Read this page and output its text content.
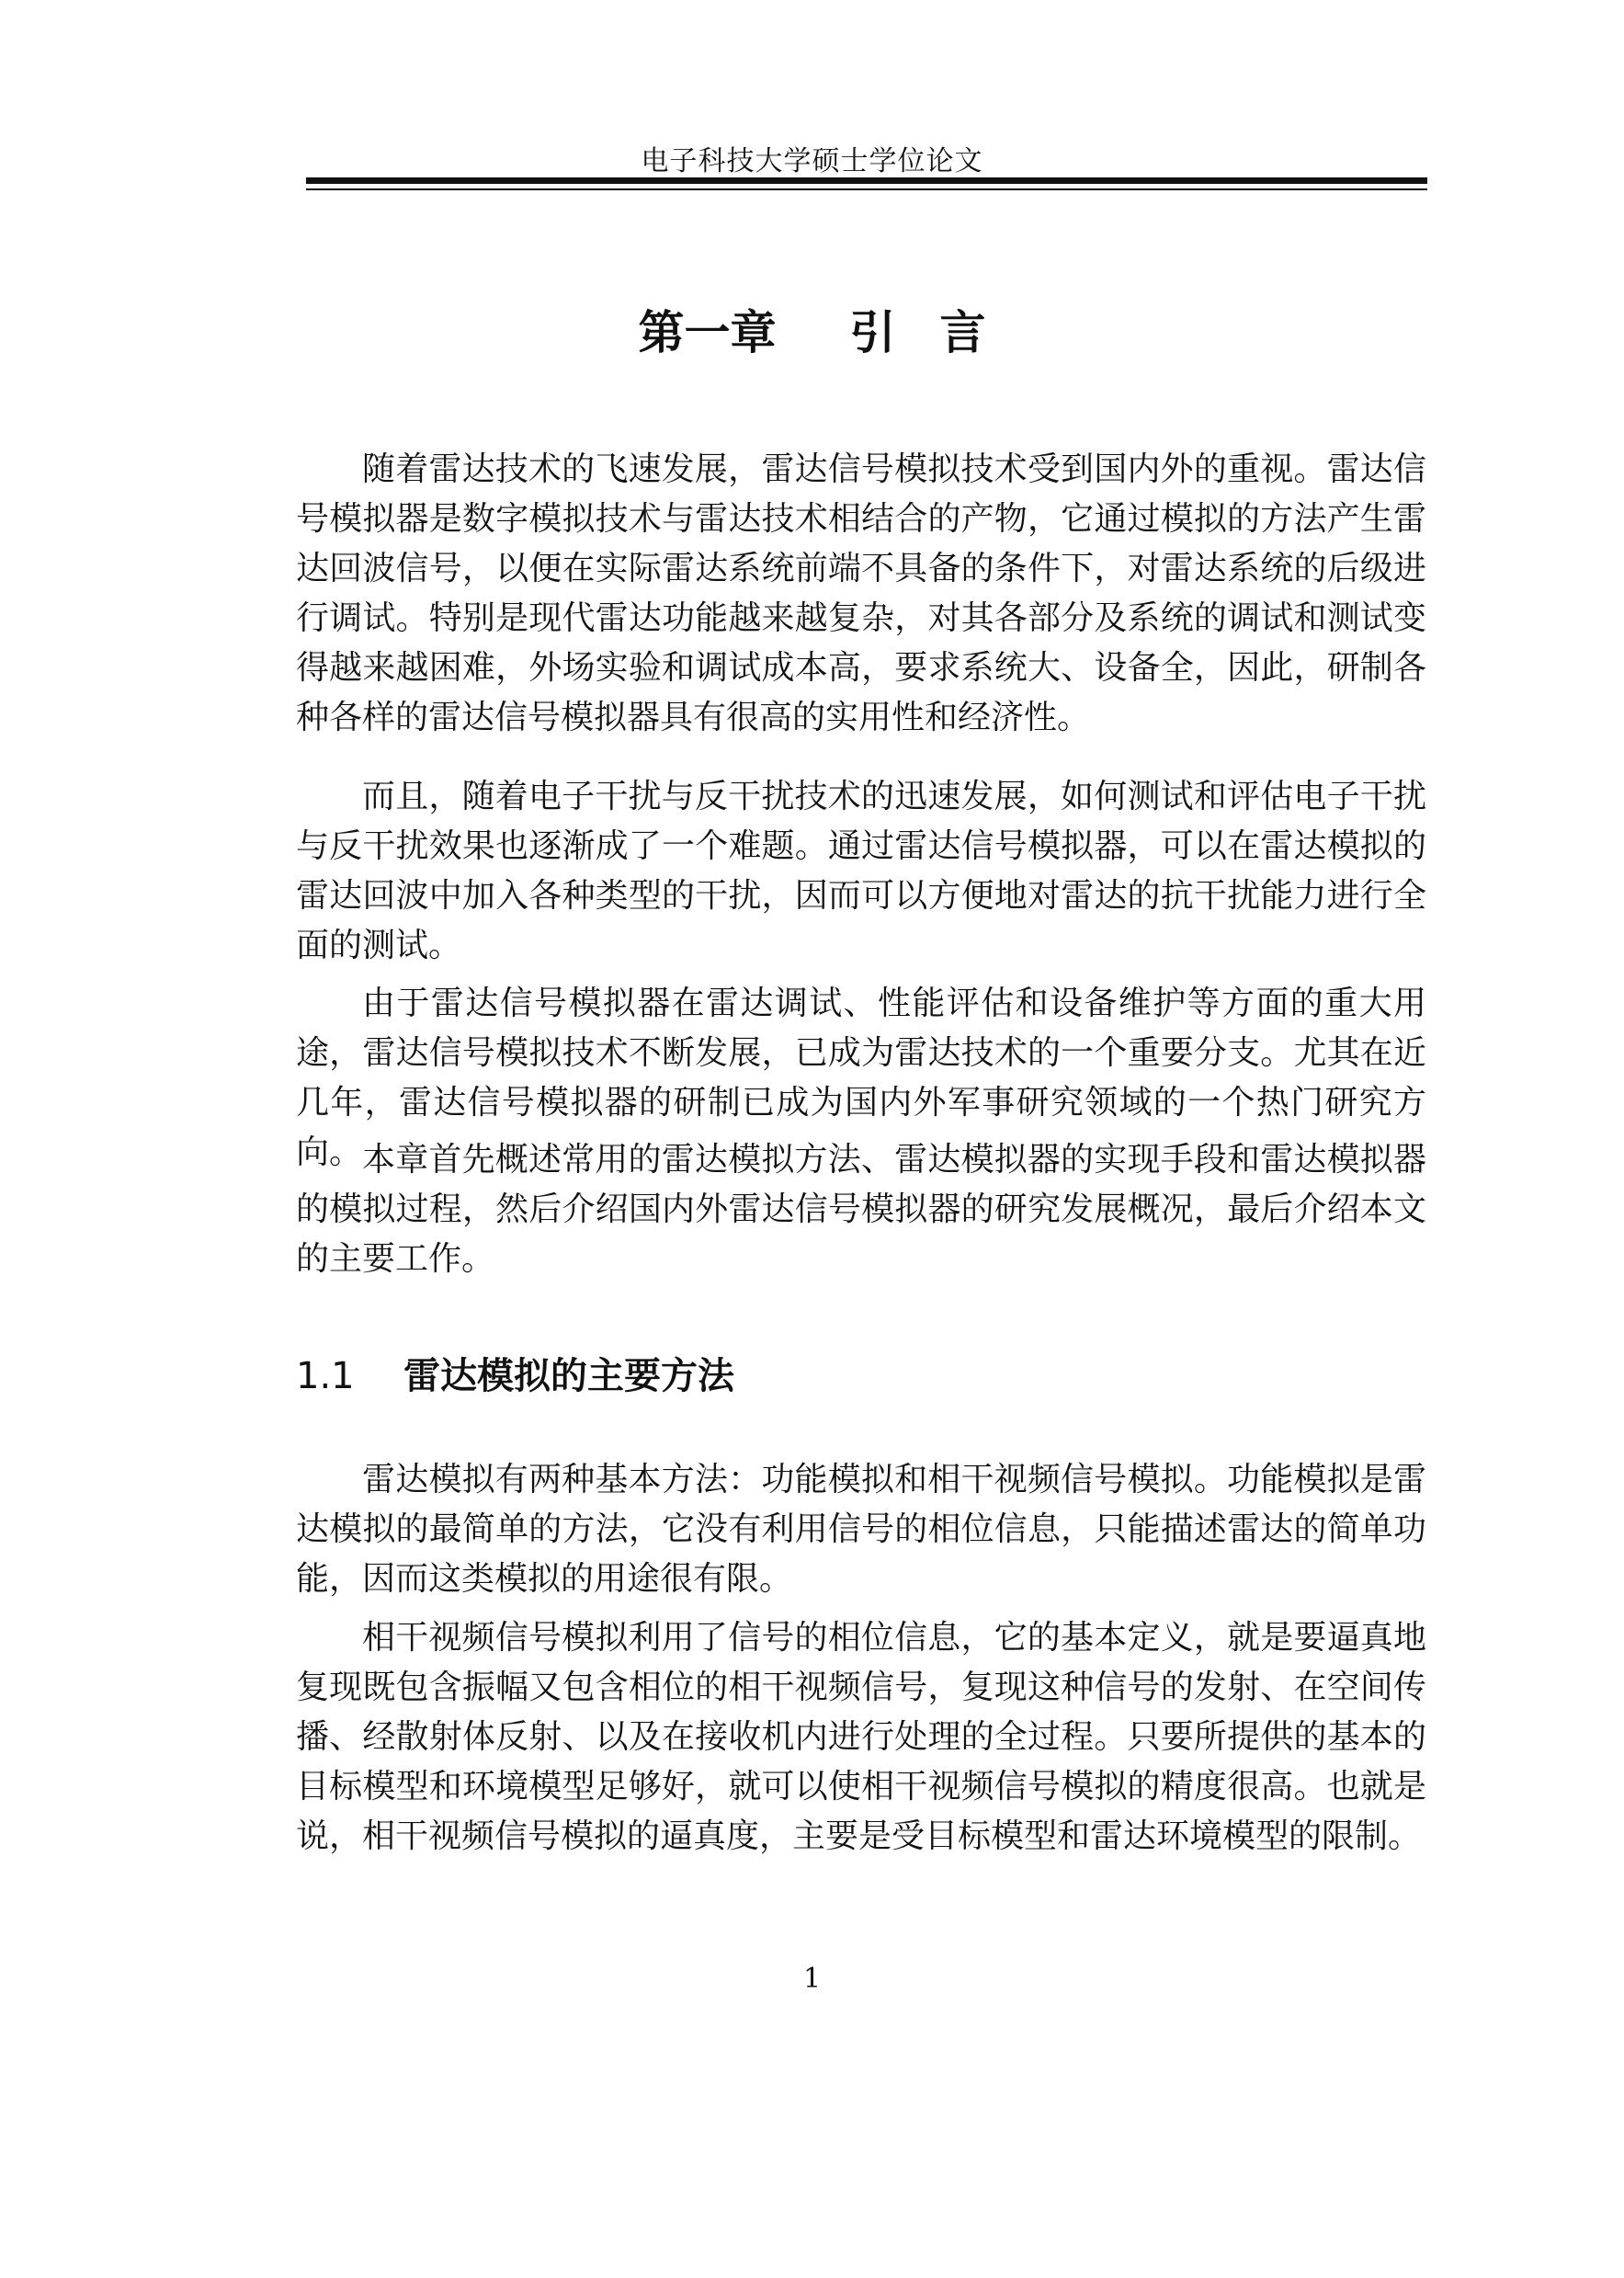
电子科技大学硕士学位论文
第一章 引 言

随着雷达技术的飞速发展，雷达信号模拟技术受到国内外的重视。雷达信号模拟器是数字模拟技术与雷达技术相结合的产物，它通过模拟的方法产生雷达回波信号，以便在实际雷达系统前端不具备的条件下，对雷达系统的后级进行调试。特别是现代雷达功能越来越复杂，对其各部分及系统的调试和测试变得越来越困难，外场实验和调试成本高，要求系统大、设备全，因此，研制各种各样的雷达信号模拟器具有很高的实用性和经济性。

而且，随着电子干扰与反干扰技术的迅速发展，如何测试和评估电子干扰与反干扰效果也逐渐成了一个难题。通过雷达信号模拟器，可以在雷达模拟的雷达回波中加入各种类型的干扰，因而可以方便地对雷达的抗干扰能力进行全面的测试。

由于雷达信号模拟器在雷达调试、性能评估和设备维护等方面的重大用途，雷达信号模拟技术不断发展，已成为雷达技术的一个重要分支。尤其在近几年，雷达信号模拟器的研制已成为国内外军事研究领域的一个热门研究方向。 本章首先概述常用的雷达模拟方法、雷达模拟器的实现手段和雷达模拟器的模拟过程，然后介绍国内外雷达信号模拟器的研究发展概况，最后介绍本文的主要工作。

1.1 雷达模拟的主要方法

雷达模拟有两种基本方法：功能模拟和相干视频信号模拟。功能模拟是雷达模拟的最简单的方法，它没有利用信号的相位信息，只能描述雷达的简单功能，因而这类模拟的用途很有限。

相干视频信号模拟利用了信号的相位信息，它的基本定义，就是要逼真地复现既包含振幅又包含相位的相干视频信号，复现这种信号的发射、在空间传播、经散射体反射、以及在接收机内进行处理的全过程。只要所提供的基本的目标模型和环境模型足够好，就可以使相干视频信号模拟的精度很高。也就是说，相干视频信号模拟的逼真度，主要是受目标模型和雷达环境模型的限制。

1
